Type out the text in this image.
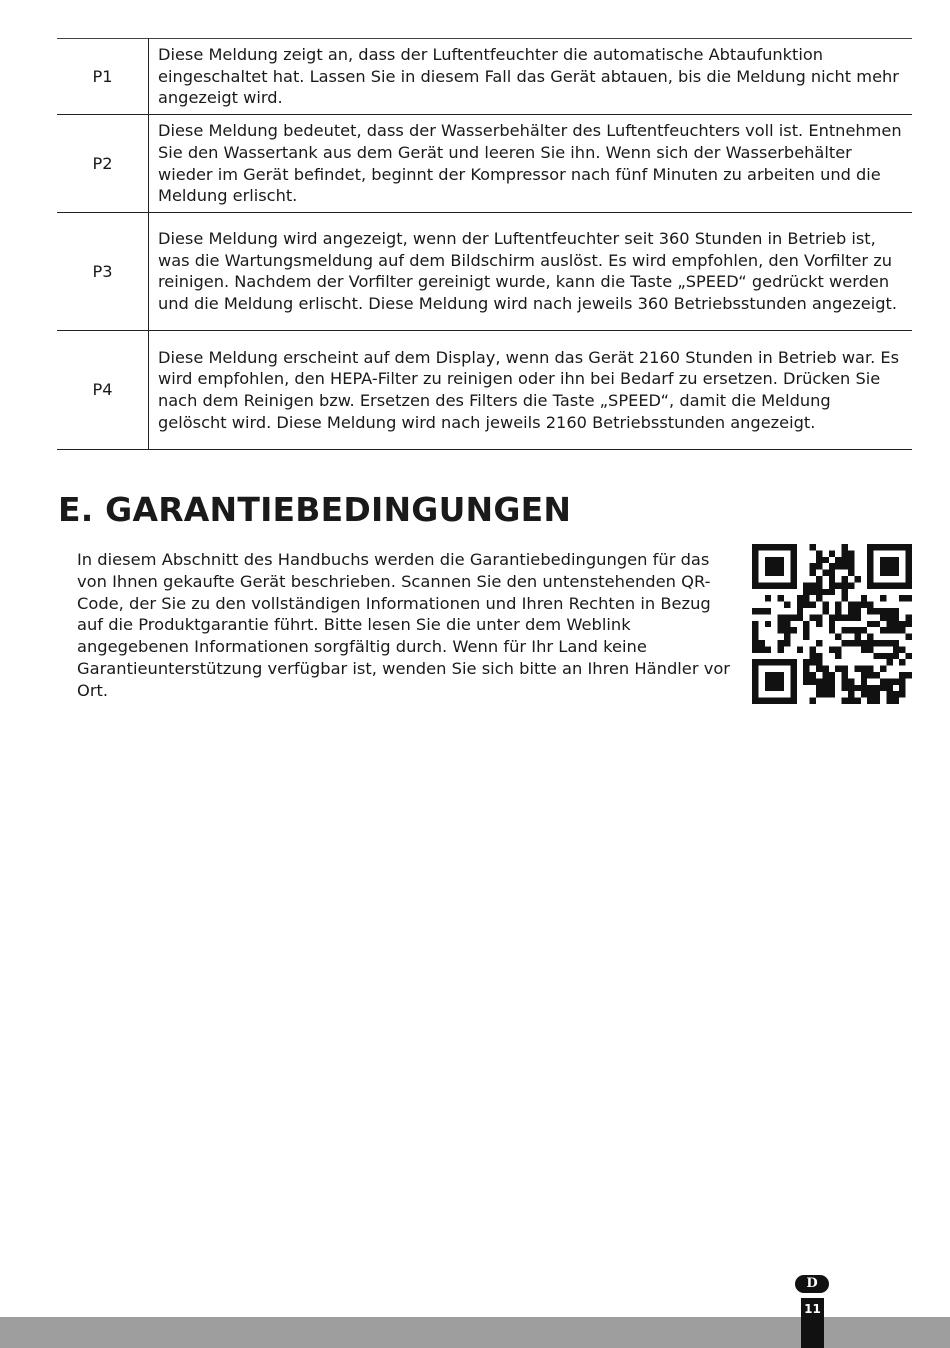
P1	Diese Meldung zeigt an, dass der Luftentfeuchter die automatische Abtaufunktion eingeschaltet hat. Lassen Sie in diesem Fall das Gerät abtauen, bis die Meldung nicht mehr angezeigt wird.
P2	Diese Meldung bedeutet, dass der Wasserbehälter des Luftentfeuchters voll ist. Entnehmen Sie den Wassertank aus dem Gerät und leeren Sie ihn. Wenn sich der Wasserbehälter wieder im Gerät befindet, beginnt der Kompressor nach fünf Minuten zu arbeiten und die Meldung erlischt.
P3	Diese Meldung wird angezeigt, wenn der Luftentfeuchter seit 360 Stunden in Betrieb ist, was die Wartungsmeldung auf dem Bildschirm auslöst. Es wird empfohlen, den Vorfilter zu reinigen. Nachdem der Vorfilter gereinigt wurde, kann die Taste „SPEED“ gedrückt werden und die Meldung erlischt. Diese Meldung wird nach jeweils 360 Betriebsstunden angezeigt.
P4	Diese Meldung erscheint auf dem Display, wenn das Gerät 2160 Stunden in Betrieb war. Es wird empfohlen, den HEPA-Filter zu reinigen oder ihn bei Bedarf zu ersetzen. Drücken Sie nach dem Reinigen bzw. Ersetzen des Filters die Taste „SPEED“, damit die Meldung gelöscht wird. Diese Meldung wird nach jeweils 2160 Betriebsstunden angezeigt.
E. GARANTIEBEDINGUNGEN

In diesem Abschnitt des Handbuchs werden die Garantiebedingungen für das von Ihnen gekaufte Gerät beschrieben. Scannen Sie den untenstehenden QR-Code, der Sie zu den vollständigen Informationen und Ihren Rechten in Bezug auf die Produktgarantie führt. Bitte lesen Sie die unter dem Weblink angegebenen Informationen sorgfältig durch. Wenn für Ihr Land keine Garantieunterstützung verfügbar ist, wenden Sie sich bitte an Ihren Händler vor Ort.

11
D
